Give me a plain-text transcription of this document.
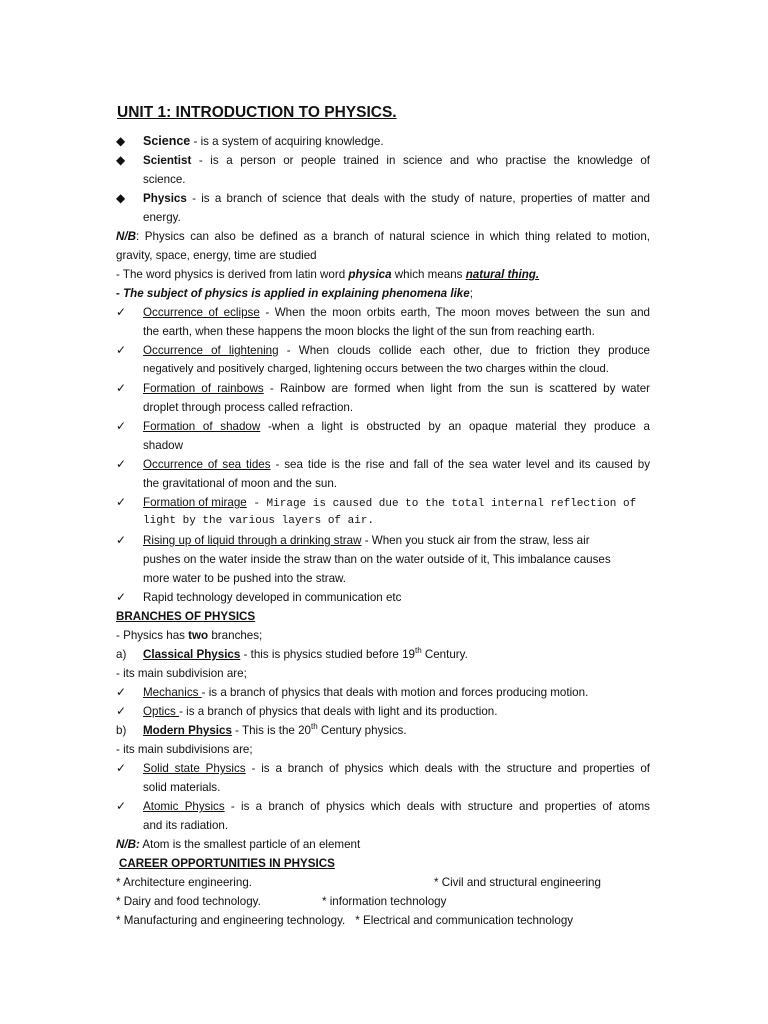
UNIT 1: INTRODUCTION TO PHYSICS.
◆ Science - is a system of acquiring knowledge.
◆ Scientist - is a person or people trained in science and who practise the knowledge of
science.
◆ Physics - is a branch of science that deals with the study of nature, properties of matter and
energy.
N/B: Physics can also be defined as a branch of natural science in which thing related to motion,
gravity, space, energy, time are studied
- The word physics is derived from latin word physica which means natural thing.
- The subject of physics is applied in explaining phenomena like;
✓ Occurrence of eclipse - When the moon orbits earth, The moon moves between the sun and
the earth, when these happens the moon blocks the light of the sun from reaching earth.
✓ Occurrence of lightening - When clouds collide each other, due to friction they produce
negatively and positively charged, lightening occurs between the two charges within the cloud.
✓ Formation of rainbows - Rainbow are formed when light from the sun is scattered by water
droplet through process called refraction.
✓ Formation of shadow -when a light is obstructed by an opaque material they produce a
shadow
✓ Occurrence of sea tides - sea tide is the rise and fall of the sea water level and its caused by
the gravitational of moon and the sun.
✓ Formation of mirage - Mirage is caused due to the total internal reflection of
light by the various layers of air.
✓ Rising up of liquid through a drinking straw - When you stuck air from the straw, less air
pushes on the water inside the straw than on the water outside of it, This imbalance causes
more water to be pushed into the straw.
✓ Rapid technology developed in communication etc
BRANCHES OF PHYSICS
- Physics has two branches;
a) Classical Physics - this is physics studied before 19th Century.
- its main subdivision are;
✓ Mechanics - is a branch of physics that deals with motion and forces producing motion.
✓ Optics - is a branch of physics that deals with light and its production.
b) Modern Physics - This is the 20th Century physics.
- its main subdivisions are;
✓ Solid state Physics - is a branch of physics which deals with the structure and properties of
solid materials.
✓ Atomic Physics - is a branch of physics which deals with structure and properties of atoms
and its radiation.
N/B: Atom is the smallest particle of an element
CAREER OPPORTUNITIES IN PHYSICS
* Architecture engineering.	* Civil and structural engineering
* Dairy and food technology.	* information technology
* Manufacturing and engineering technology. * Electrical and communication technology
